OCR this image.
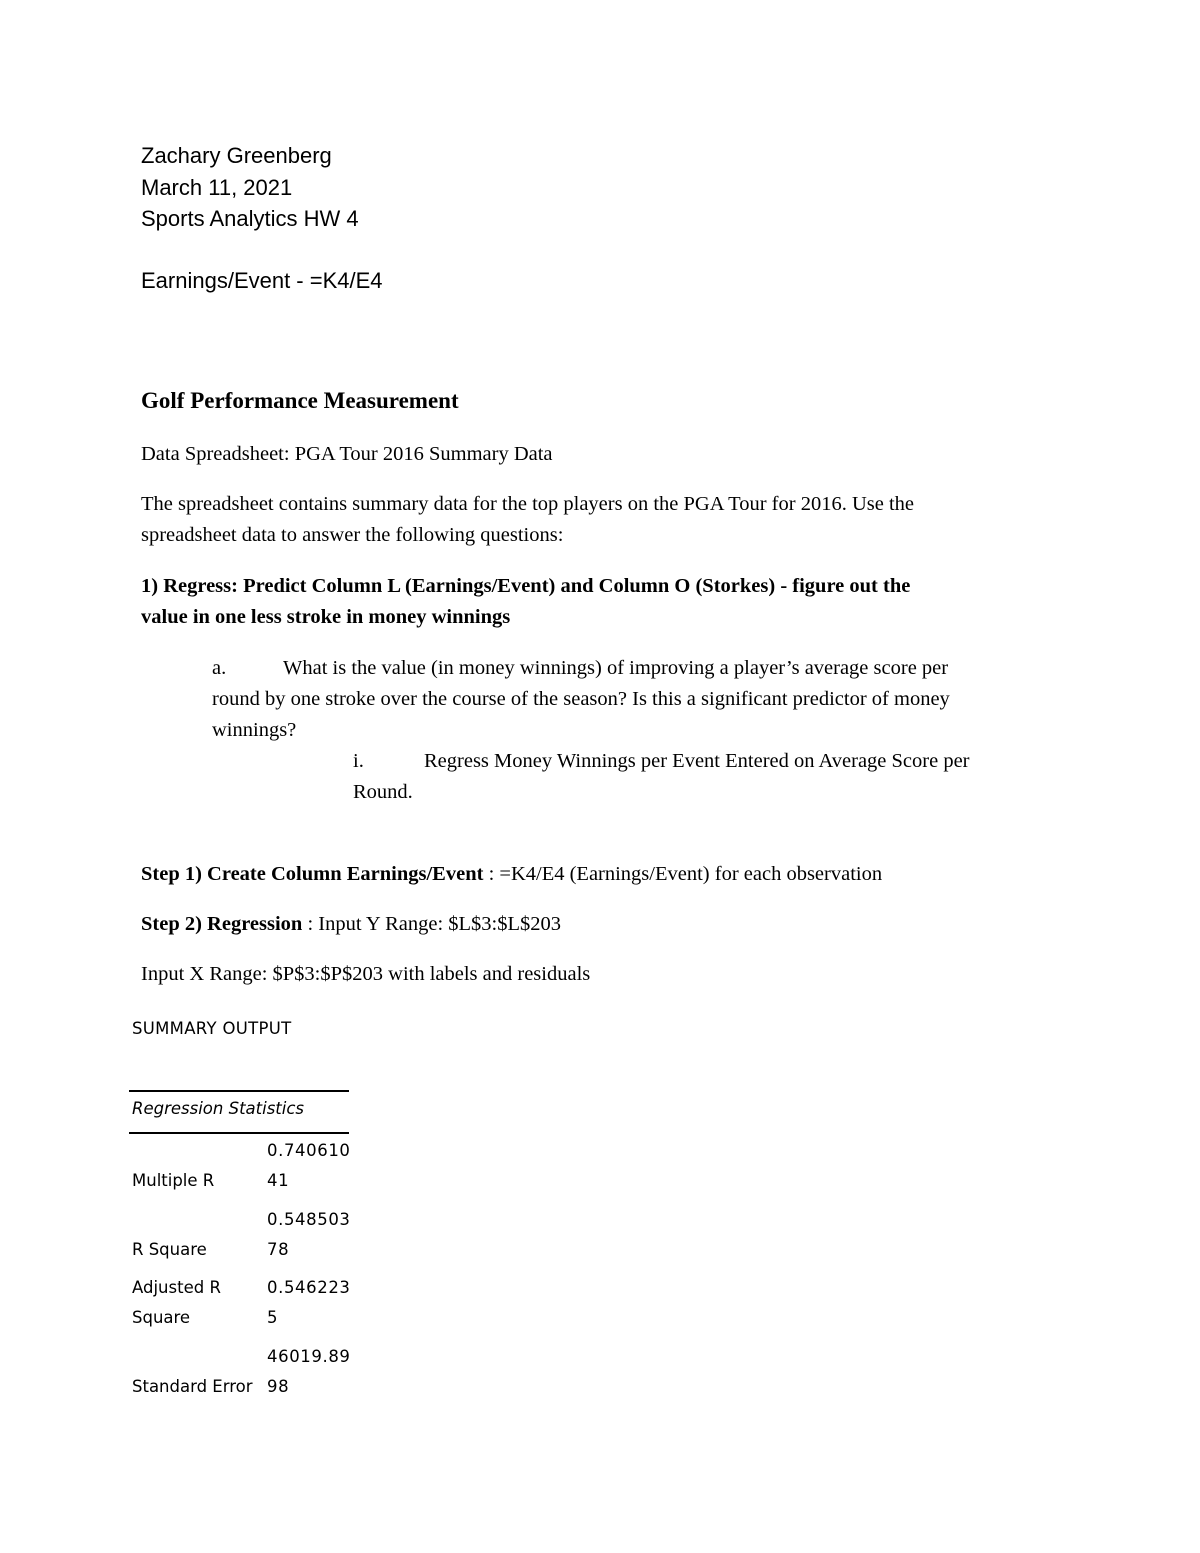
Zachary Greenberg
March 11, 2021
Sports Analytics HW 4
Earnings/Event - =K4/E4
Golf Performance Measurement
Data Spreadsheet: PGA Tour 2016 Summary Data
The spreadsheet contains summary data for the top players on the PGA Tour for 2016. Use the
spreadsheet data to answer the following questions:
1) Regress: Predict Column L (Earnings/Event) and Column O (Storkes) - figure out the
value in one less stroke in money winnings
a.	What is the value (in money winnings) of improving a player’s average score per
round by one stroke over the course of the season? Is this a significant predictor of money
winnings?
i.	Regress Money Winnings per Event Entered on Average Score per
Round.
Step 1) Create Column Earnings/Event : =K4/E4 (Earnings/Event) for each observation
Step 2) Regression : Input Y Range: $L$3:$L$203
Input X Range: $P$3:$P$203 with labels and residuals
SUMMARY OUTPUT
Regression Statistics
Multiple R
0.74061041
R Square
0.54850378
Adjusted R Square
0.5462235
Standard Error
46019.8998
